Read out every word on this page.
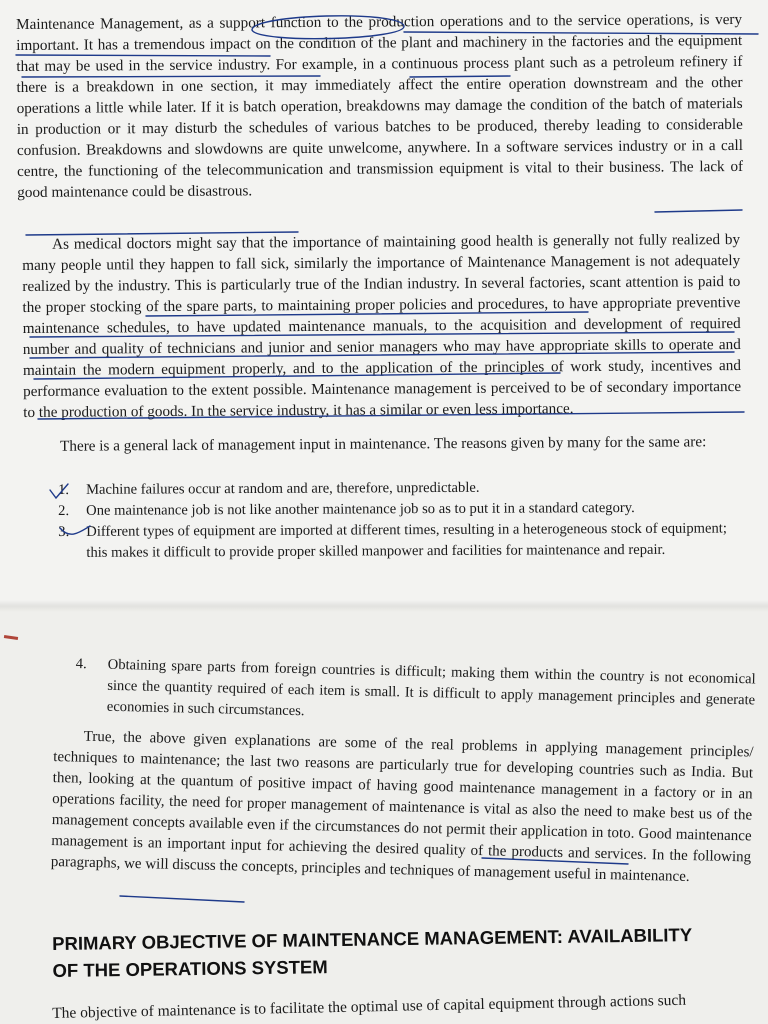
Maintenance Management, as a support function to the production operations and to the service operations, is very important. It has a tremendous impact on the condition of the plant and machinery in the factories and the equipment that may be used in the service industry. For example, in a continuous process plant such as a petroleum refinery if there is a breakdown in one section, it may immediately affect the entire operation downstream and the other operations a little while later. If it is batch operation, breakdowns may damage the condition of the batch of materials in production or it may disturb the schedules of various batches to be produced, thereby leading to considerable confusion. Breakdowns and slowdowns are quite unwelcome, anywhere. In a software services industry or in a call centre, the functioning of the telecommunication and transmission equipment is vital to their business. The lack of good maintenance could be disastrous.

As medical doctors might say that the importance of maintaining good health is generally not fully realized by many people until they happen to fall sick, similarly the importance of Maintenance Management is not adequately realized by the industry. This is particularly true of the Indian industry. In several factories, scant attention is paid to the proper stocking of the spare parts, to maintaining proper policies and procedures, to have appropriate preventive maintenance schedules, to have updated maintenance manuals, to the acquisition and development of required number and quality of technicians and junior and senior managers who may have appropriate skills to operate and maintain the modern equipment properly, and to the application of the principles of work study, incentives and performance evaluation to the extent possible. Maintenance management is perceived to be of secondary importance to the production of goods. In the service industry, it has a similar or even less importance.

There is a general lack of management input in maintenance. The reasons given by many for the same are:

1.	Machine failures occur at random and are, therefore, unpredictable.
2.	One maintenance job is not like another maintenance job so as to put it in a standard category.
3.	Different types of equipment are imported at different times, resulting in a heterogeneous stock of equipment; this makes it difficult to provide proper skilled manpower and facilities for maintenance and repair.
4.	Obtaining spare parts from foreign countries is difficult; making them within the country is not economical since the quantity required of each item is small. It is difficult to apply management principles and generate economies in such circumstances.

True, the above given explanations are some of the real problems in applying management principles/ techniques to maintenance; the last two reasons are particularly true for developing countries such as India. But then, looking at the quantum of positive impact of having good maintenance management in a factory or in an operations facility, the need for proper management of maintenance is vital as also the need to make best us of the management concepts available even if the circumstances do not permit their application in toto. Good maintenance management is an important input for achieving the desired quality of the products and services. In the following paragraphs, we will discuss the concepts, principles and techniques of management useful in maintenance.

PRIMARY OBJECTIVE OF MAINTENANCE MANAGEMENT: AVAILABILITY OF THE OPERATIONS SYSTEM

The objective of maintenance is to facilitate the optimal use of capital equipment through actions such
